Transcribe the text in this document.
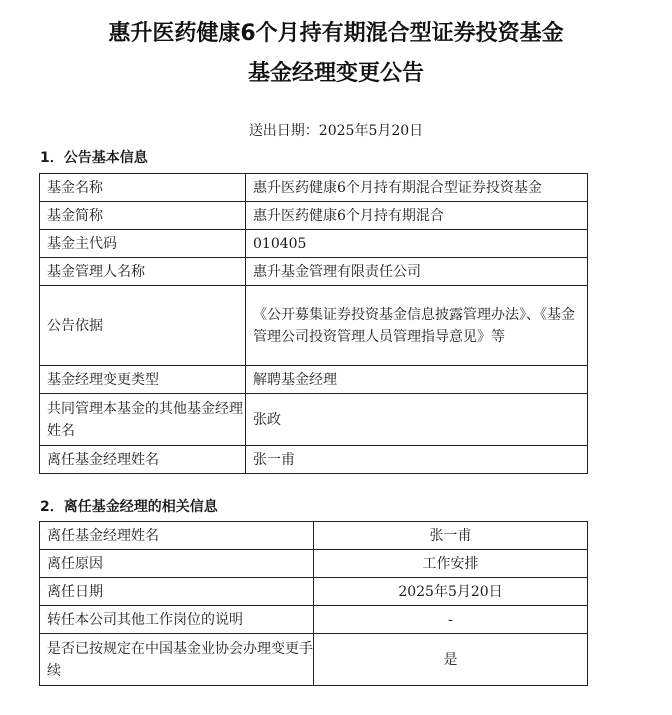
惠升医药健康6个月持有期混合型证券投资基金
基金经理变更公告
送出日期：2025年5月20日
1．公告基本信息
基金名称	惠升医药健康6个月持有期混合型证券投资基金
基金简称	惠升医药健康6个月持有期混合
基金主代码	010405
基金管理人名称	惠升基金管理有限责任公司
公告依据	《公开募集证券投资基金信息披露管理办法》、《基金管理公司投资管理人员管理指导意见》等
基金经理变更类型	解聘基金经理
共同管理本基金的其他基金经理姓名	张政
离任基金经理姓名	张一甫
2．离任基金经理的相关信息
离任基金经理姓名	张一甫
离任原因	工作安排
离任日期	2025年5月20日
转任本公司其他工作岗位的说明	-
是否已按规定在中国基金业协会办理变更手续	是
